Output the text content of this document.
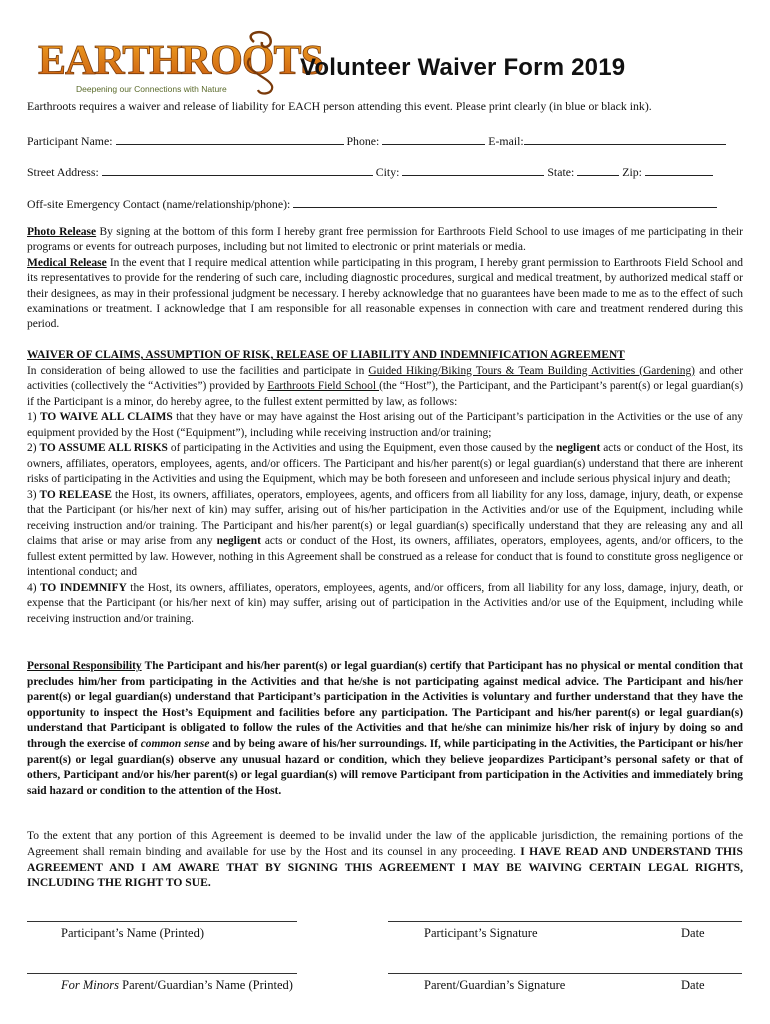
EARTHROOTS
Deepening our Connections with Nature
Volunteer Waiver Form 2019
Earthroots requires a waiver and release of liability for EACH person attending this event. Please print clearly (in blue or black ink).
Participant Name:	Phone:	E-mail:
Street Address:	City:	State:	Zip:
Off-site Emergency Contact (name/relationship/phone):

Photo Release By signing at the bottom of this form I hereby grant free permission for Earthroots Field School to use images of me participating in their programs or events for outreach purposes, including but not limited to electronic or print materials or media.

Medical Release In the event that I require medical attention while participating in this program, I hereby grant permission to Earthroots Field School and its representatives to provide for the rendering of such care, including diagnostic procedures, surgical and medical treatment, by authorized medical staff or their designees, as may in their professional judgment be necessary. I hereby acknowledge that no guarantees have been made to me as to the effect of such examinations or treatment. I acknowledge that I am responsible for all reasonable expenses in connection with care and treatment rendered during this period.

WAIVER OF CLAIMS, ASSUMPTION OF RISK, RELEASE OF LIABILITY AND INDEMNIFICATION AGREEMENT

In consideration of being allowed to use the facilities and participate in Guided Hiking/Biking Tours & Team Building Activities (Gardening) and other activities (collectively the “Activities”) provided by Earthroots Field School (the “Host”), the Participant, and the Participant’s parent(s) or legal guardian(s) if the Participant is a minor, do hereby agree, to the fullest extent permitted by law, as follows:

1) TO WAIVE ALL CLAIMS that they have or may have against the Host arising out of the Participant’s participation in the Activities or the use of any equipment provided by the Host (“Equipment”), including while receiving instruction and/or training;

2) TO ASSUME ALL RISKS of participating in the Activities and using the Equipment, even those caused by the negligent acts or conduct of the Host, its owners, affiliates, operators, employees, agents, and/or officers. The Participant and his/her parent(s) or legal guardian(s) understand that there are inherent risks of participating in the Activities and using the Equipment, which may be both foreseen and unforeseen and include serious physical injury and death;

3) TO RELEASE the Host, its owners, affiliates, operators, employees, agents, and officers from all liability for any loss, damage, injury, death, or expense that the Participant (or his/her next of kin) may suffer, arising out of his/her participation in the Activities and/or use of the Equipment, including while receiving instruction and/or training. The Participant and his/her parent(s) or legal guardian(s) specifically understand that they are releasing any and all claims that arise or may arise from any negligent acts or conduct of the Host, its owners, affiliates, operators, employees, agents, and/or officers, to the fullest extent permitted by law. However, nothing in this Agreement shall be construed as a release for conduct that is found to constitute gross negligence or intentional conduct; and

4) TO INDEMNIFY the Host, its owners, affiliates, operators, employees, agents, and/or officers, from all liability for any loss, damage, injury, death, or expense that the Participant (or his/her next of kin) may suffer, arising out of participation in the Activities and/or use of the Equipment, including while receiving instruction and/or training.

Personal Responsibility The Participant and his/her parent(s) or legal guardian(s) certify that Participant has no physical or mental condition that precludes him/her from participating in the Activities and that he/she is not participating against medical advice. The Participant and his/her parent(s) or legal guardian(s) understand that Participant’s participation in the Activities is voluntary and further understand that they have the opportunity to inspect the Host’s Equipment and facilities before any participation. The Participant and his/her parent(s) or legal guardian(s) understand that Participant is obligated to follow the rules of the Activities and that he/she can minimize his/her risk of injury by doing so and through the exercise of common sense and by being aware of his/her surroundings. If, while participating in the Activities, the Participant or his/her parent(s) or legal guardian(s) observe any unusual hazard or condition, which they believe jeopardizes Participant’s personal safety or that of others, Participant and/or his/her parent(s) or legal guardian(s) will remove Participant from participation in the Activities and immediately bring said hazard or condition to the attention of the Host.

To the extent that any portion of this Agreement is deemed to be invalid under the law of the applicable jurisdiction, the remaining portions of the Agreement shall remain binding and available for use by the Host and its counsel in any proceeding. I HAVE READ AND UNDERSTAND THIS AGREEMENT AND I AM AWARE THAT BY SIGNING THIS AGREEMENT I MAY BE WAIVING CERTAIN LEGAL RIGHTS, INCLUDING THE RIGHT TO SUE.

Participant’s Name (Printed)	Participant’s Signature	Date
For Minors Parent/Guardian’s Name (Printed)	Parent/Guardian’s Signature	Date
